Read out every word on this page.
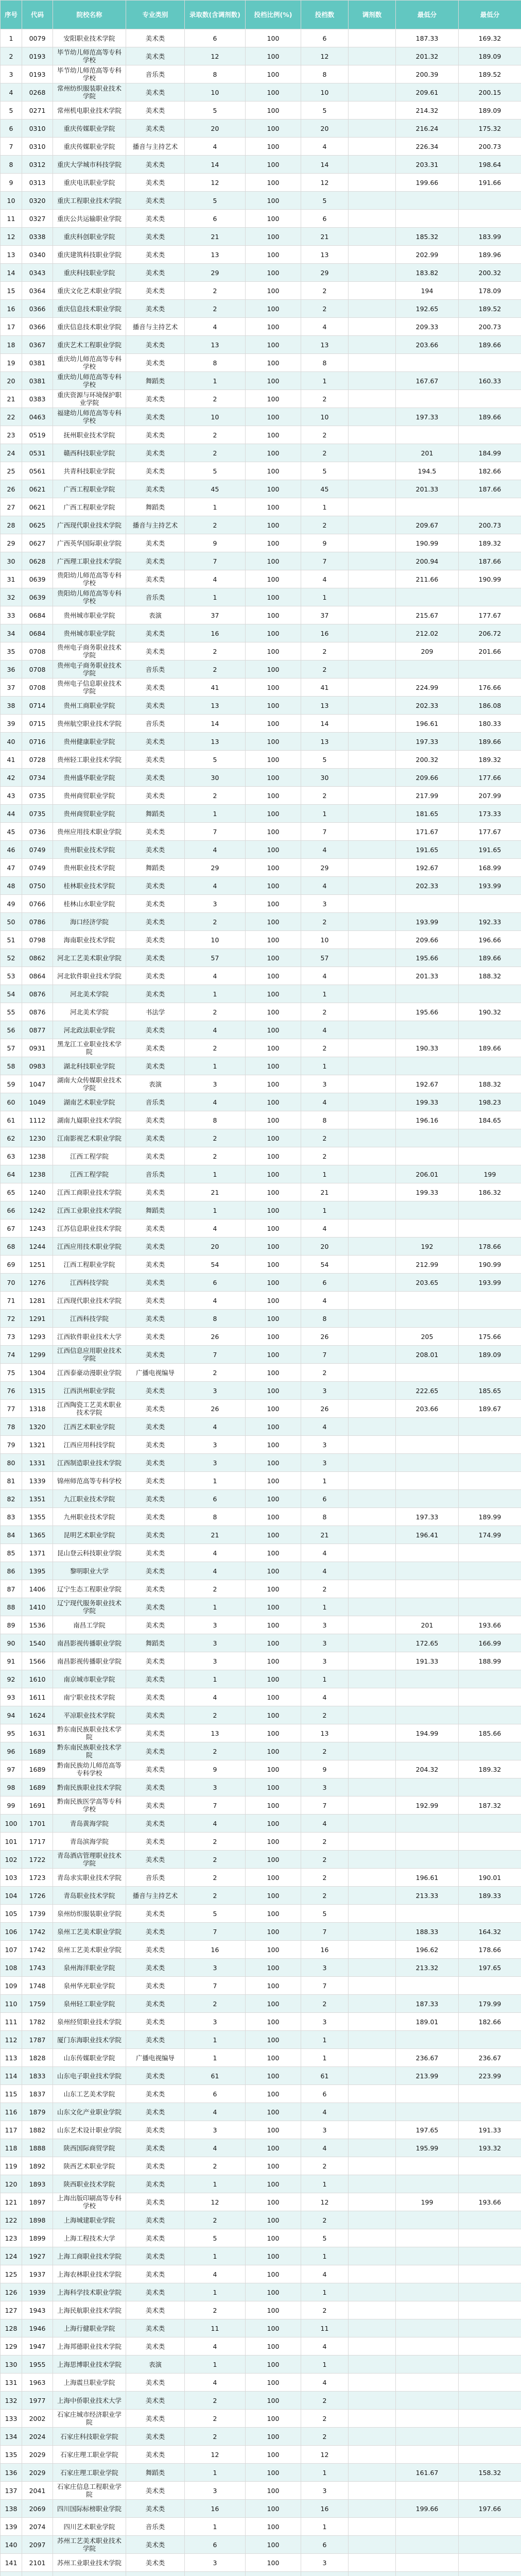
序号	代码	院校名称	专业类别	录取数(含调剂数)	投档比例(%)	投档数	调剂数	最低分	最低分
1	0079	安阳职业技术学院	美术类	6	100	6		187.33	169.32
2	0193	毕节幼儿师范高等专科学校	美术类	12	100	12		201.32	189.09
3	0193	毕节幼儿师范高等专科学校	音乐类	8	100	8		200.39	189.52
4	0268	常州纺织服装职业技术学院	美术类	10	100	10		209.61	200.15
5	0271	常州机电职业技术学院	美术类	5	100	5		214.32	189.09
6	0310	重庆传媒职业学院	美术类	20	100	20		216.24	175.32
7	0310	重庆传媒职业学院	播音与主持艺术	4	100	4		226.34	200.73
8	0312	重庆大学城市科技学院	美术类	14	100	14		203.31	198.64
9	0313	重庆电讯职业学院	美术类	12	100	12		199.66	191.66
10	0320	重庆工程职业技术学院	美术类	5	100	5			
11	0327	重庆公共运输职业学院	美术类	6	100	6			
12	0338	重庆科创职业学院	美术类	21	100	21		185.32	183.99
13	0340	重庆建筑科技职业学院	美术类	13	100	13		202.99	189.96
14	0343	重庆科技职业学院	美术类	29	100	29		183.82	200.32
15	0364	重庆文化艺术职业学院	美术类	2	100	2		194	178.09
16	0366	重庆信息技术职业学院	美术类	2	100	2		192.65	189.52
17	0366	重庆信息技术职业学院	播音与主持艺术	4	100	4		209.33	200.73
18	0367	重庆艺术工程职业学院	美术类	13	100	13		203.66	189.66
19	0381	重庆幼儿师范高等专科学校	美术类	8	100	8			
20	0381	重庆幼儿师范高等专科学校	舞蹈类	1	100	1		167.67	160.33
21	0383	重庆资源与环境保护职业学院	美术类	2	100	2			
22	0463	福建幼儿师范高等专科学校	美术类	10	100	10		197.33	189.66
23	0519	抚州职业技术学院	美术类	2	100	2			
24	0531	赣西科技职业学院	美术类	2	100	2		201	184.99
25	0561	共青科技职业学院	美术类	5	100	5		194.5	182.66
26	0621	广西工程职业学院	美术类	45	100	45		201.33	187.66
27	0621	广西工程职业学院	舞蹈类	1	100	1			
28	0625	广西现代职业技术学院	播音与主持艺术	2	100	2		209.67	200.73
29	0627	广西英华国际职业学院	美术类	9	100	9		190.99	189.32
30	0628	广西理工职业技术学院	美术类	7	100	7		200.94	187.66
31	0639	贵阳幼儿师范高等专科学校	美术类	4	100	4		211.66	190.99
32	0639	贵阳幼儿师范高等专科学校	音乐类	1	100	1			
33	0684	贵州城市职业学院	表演	37	100	37		215.67	177.67
34	0684	贵州城市职业学院	美术类	16	100	16		212.02	206.72
35	0708	贵州电子商务职业技术学院	美术类	2	100	2		209	201.66
36	0708	贵州电子商务职业技术学院	音乐类	2	100	2			
37	0708	贵州电子信息职业技术学院	美术类	41	100	41		224.99	176.66
38	0714	贵州工商职业学院	美术类	13	100	13		202.33	186.08
39	0715	贵州航空职业技术学院	音乐类	14	100	14		196.61	180.33
40	0716	贵州健康职业学院	美术类	13	100	13		197.33	189.66
41	0728	贵州轻工职业技术学院	美术类	5	100	5		200.32	189.32
42	0734	贵州盛华职业学院	美术类	30	100	30		209.66	177.66
43	0735	贵州商贸职业学院	美术类	2	100	2		217.99	207.99
44	0735	贵州商贸职业学院	舞蹈类	1	100	1		181.65	173.33
45	0736	贵州应用技术职业学院	美术类	7	100	7		171.67	177.67
46	0749	贵州职业技术学院	美术类	4	100	4		191.65	191.65
47	0749	贵州职业技术学院	舞蹈类	29	100	29		192.67	168.99
48	0750	桂林职业技术学院	美术类	4	100	4		202.33	193.99
49	0766	桂林山水职业学院	美术类	3	100	3			
50	0786	海口经济学院	美术类	2	100	2		193.99	192.33
51	0798	海南职业技术学院	美术类	10	100	10		209.66	196.66
52	0862	河北工艺美术职业学院	美术类	57	100	57		195.66	189.66
53	0864	河北软件职业技术学院	美术类	4	100	4		201.33	188.32
54	0876	河北美术学院	美术类	1	100	1			
55	0876	河北美术学院	书法学	2	100	2		195.66	190.32
56	0877	河北政法职业学院	美术类	4	100	4			
57	0931	黑龙江工业职业技术学院	美术类	2	100	2		190.33	189.66
58	0983	湖北科技职业学院	美术类	1	100	1			
59	1047	湖南大众传媒职业技术学院	表演	3	100	3		192.67	188.32
60	1049	湖南艺术职业学院	音乐类	4	100	4		199.33	198.23
61	1112	湖南九嶷职业技术学院	美术类	8	100	8		196.16	184.65
62	1230	江南影视艺术职业学院	美术类	2	100	2			
63	1238	江西工程学院	美术类	2	100	2			
64	1238	江西工程学院	音乐类	1	100	1		206.01	199
65	1240	江西工商职业技术学院	美术类	21	100	21		199.33	186.32
66	1242	江西工业职业技术学院	舞蹈类	1	100	1			
67	1243	江苏信息职业技术学院	美术类	4	100	4			
68	1244	江西应用技术职业学院	美术类	20	100	20		192	178.66
69	1251	江西工程职业学院	美术类	54	100	54		212.99	190.99
70	1276	江西科技学院	美术类	6	100	6		203.65	193.99
71	1281	江西现代职业技术学院	美术类	4	100	4			
72	1291	江西科技学院	美术类	8	100	8			
73	1293	江西软件职业技术大学	美术类	26	100	26		205	175.66
74	1299	江西信息应用职业技术学院	美术类	7	100	7		208.01	189.09
75	1304	江西泰豪动漫职业学院	广播电视编导	2	100	2			
76	1315	江西洪州职业学院	美术类	3	100	3		222.65	185.65
77	1318	江西陶瓷工艺美术职业技术学院	美术类	26	100	26		203.66	189.67
78	1320	江西艺术职业学院	美术类	4	100	4			
79	1321	江西应用科技学院	美术类	3	100	3			
80	1331	江西制造职业技术学院	美术类	3	100	3			
81	1339	锦州师范高等专科学校	美术类	1	100	1			
82	1351	九江职业技术学院	美术类	6	100	6			
83	1355	九州职业技术学院	美术类	8	100	8		197.33	189.99
84	1365	昆明艺术职业学院	美术类	21	100	21		196.41	174.99
85	1371	昆山登云科技职业学院	美术类	4	100	4			
86	1395	黎明职业大学	美术类	4	100	4			
87	1406	辽宁生态工程职业学院	美术类	2	100	2			
88	1410	辽宁现代服务职业技术学院	美术类	1	100	1			
89	1536	南昌工学院	美术类	3	100	3		201	193.66
90	1540	南昌影视传播职业学院	舞蹈类	3	100	3		172.65	166.99
91	1566	南昌影视传播职业学院	美术类	3	100	3		191.33	188.99
92	1610	南京城市职业学院	美术类	1	100	1			
93	1611	南宁职业技术学院	美术类	4	100	4			
94	1624	平凉职业技术学院	美术类	2	100	2			
95	1631	黔东南民族职业技术学院	美术类	13	100	13		194.99	185.66
96	1689	黔东南民族职业技术学院	美术类	2	100	2			
97	1689	黔南民族幼儿师范高等专科学校	美术类	9	100	9		204.32	189.32
98	1689	黔南民族职业技术学院	美术类	3	100	3			
99	1691	黔南民族医学高等专科学校	美术类	7	100	7		192.99	187.32
100	1701	青岛黄海学院	美术类	4	100	4			
101	1717	青岛滨海学院	美术类	2	100	2			
102	1722	青岛酒店管理职业技术学院	美术类	2	100	2			
103	1723	青岛求实职业技术学院	音乐类	2	100	2		196.61	190.01
104	1726	青岛职业技术学院	播音与主持艺术	2	100	2		213.33	189.33
105	1739	泉州纺织服装职业学院	美术类	5	100	5			
106	1742	泉州工艺美术职业学院	美术类	7	100	7		188.33	164.32
107	1742	泉州工艺美术职业学院	美术类	16	100	16		196.62	178.66
108	1743	泉州海洋职业学院	美术类	3	100	3		213.32	197.65
109	1748	泉州华光职业学院	美术类	7	100	7			
110	1759	泉州轻工职业学院	美术类	2	100	2		187.33	179.99
111	1782	泉州经贸职业技术学院	美术类	3	100	3		189.01	182.66
112	1787	厦门东海职业技术学院	美术类	1	100	1			
113	1828	山东传媒职业学院	广播电视编导	1	100	1		236.67	236.67
114	1833	山东电子职业技术学院	美术类	61	100	61		213.99	223.99
115	1837	山东工艺美术学院	美术类	6	100	6			
116	1879	山东文化产业职业学院	美术类	4	100	4			
117	1882	山东艺术设计职业学院	美术类	3	100	3		197.65	191.33
118	1888	陕西国际商贸学院	美术类	4	100	4		195.99	193.32
119	1892	陕西艺术职业学院	美术类	2	100	2			
120	1893	陕西职业技术学院	美术类	1	100	1			
121	1897	上海出版印刷高等专科学校	美术类	12	100	12		199	193.66
122	1898	上海城建职业学院	美术类	2	100	2			
123	1899	上海工程技术大学	美术类	5	100	5			
124	1927	上海工商职业技术学院	美术类	1	100	1			
125	1937	上海农林职业技术学院	美术类	4	100	4			
126	1939	上海科学技术职业学院	美术类	1	100	1			
127	1943	上海民航职业技术学院	美术类	2	100	2			
128	1946	上海行健职业学院	美术类	11	100	11			
129	1947	上海邦德职业技术学院	美术类	4	100	4			
130	1955	上海思博职业技术学院	表演	1	100	1			
131	1963	上海震旦职业学院	美术类	4	100	4			
132	1977	上海中侨职业技术大学	美术类	2	100	2			
133	2002	石家庄城市经济职业学院	美术类	2	100	2			
134	2024	石家庄科技职业学院	美术类	2	100	2			
135	2029	石家庄理工职业学院	美术类	12	100	12			
136	2029	石家庄理工职业学院	舞蹈类	1	100	1		161.67	158.32
137	2041	石家庄信息工程职业学院	美术类	3	100	3			
138	2069	四川国际标榜职业学院	美术类	16	100	16		199.66	197.66
139	2074	四川艺术职业学院	音乐类	1	100	1			
140	2097	苏州工艺美术职业技术学院	美术类	6	100	6			
141	2101	苏州工业职业技术学院	美术类	3	100	3			
